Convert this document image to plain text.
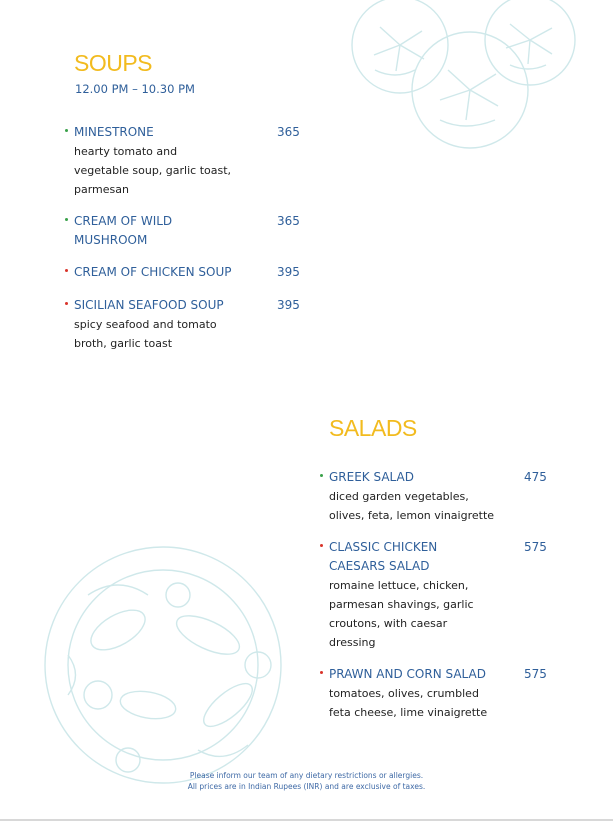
SOUPS
12.00 PM – 10.30 PM
MINESTRONE	365
hearty tomato and
vegetable soup, garlic toast,
parmesan
CREAM OF WILD
MUSHROOM
365
CREAM OF CHICKEN SOUP	395
SICILIAN SEAFOOD SOUP	395
spicy seafood and tomato
broth, garlic toast
GREEK SALAD	475
diced garden vegetables,
olives, feta, lemon vinaigrette
CLASSIC CHICKEN
CAESARS SALAD
575
romaine lettuce, chicken,
parmesan shavings, garlic
croutons, with caesar
dressing
PRAWN AND CORN SALAD	575
tomatoes, olives, crumbled
feta cheese, lime vinaigrette
SALADS
Please inform our team of any dietary restrictions or allergies.
All prices are in Indian Rupees (INR) and are exclusive of taxes.
